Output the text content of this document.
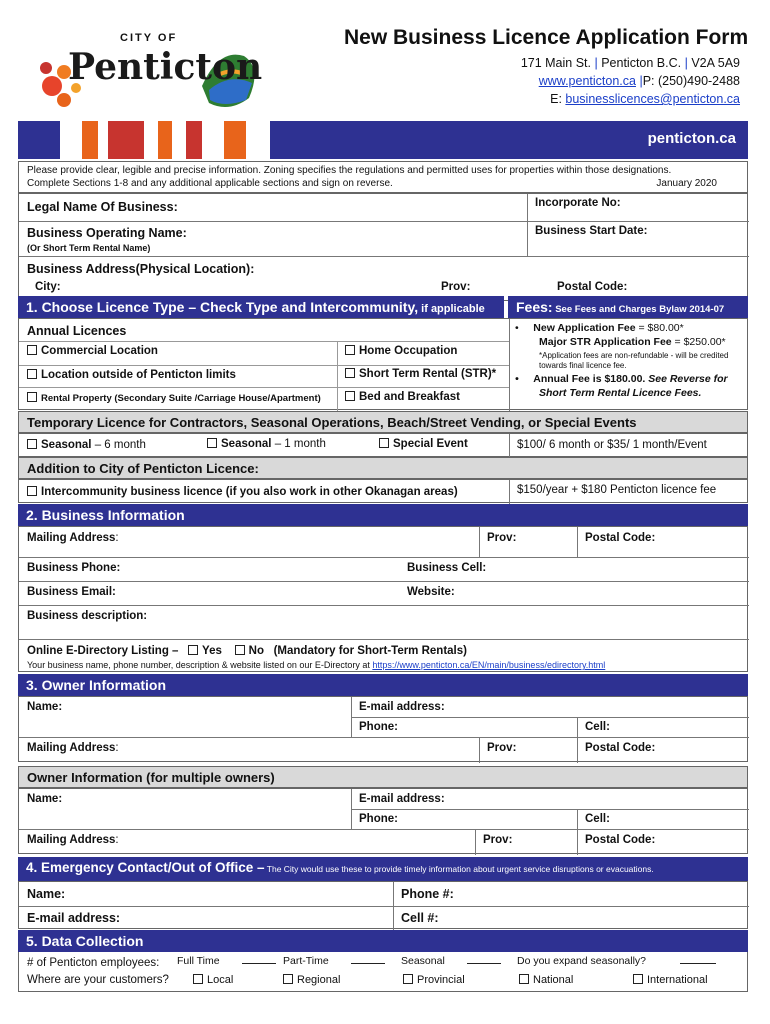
CITY OF
Penticton
New Business Licence Application Form
171 Main St. | Penticton B.C. | V2A 5A9
www.penticton.ca |P: (250)490-2488
E: businesslicences@penticton.ca
penticton.ca
Please provide clear, legible and precise information. Zoning specifies the regulations and permitted uses for properties within those designations.
Complete Sections 1-8 and any additional applicable sections and sign on reverse.	January 2020
Legal Name Of Business:	Incorporate No:
Business Operating Name:
(Or Short Term Rental Name)
Business Start Date:
Business Address(Physical Location):
City:	Prov:	Postal Code:
1. Choose Licence Type – Check Type and Intercommunity, if applicable	Fees: See Fees and Charges Bylaw 2014-07
Annual Licences
Commercial Location	Home Occupation
Location outside of Penticton limits	Short Term Rental (STR)*
Rental Property (Secondary Suite /Carriage House/Apartment)	Bed and Breakfast
•     New Application Fee = $80.00*
Major STR Application Fee = $250.00*
*Application fees are non-refundable - will be credited
towards final licence fee.
•     Annual Fee is $180.00. See Reverse for
Short Term Rental Licence Fees.
Temporary Licence for Contractors, Seasonal Operations, Beach/Street Vending, or Special Events
Seasonal – 6 month	Seasonal – 1 month	Special Event	$100/ 6 month or $35/ 1 month/Event
Addition to City of Penticton Licence:
Intercommunity business licence (if you also work in other Okanagan areas)	$150/year + $180 Penticton licence fee
2. Business Information
Mailing Address:	Prov:	Postal Code:
Business Phone:	Business Cell:
Business Email:	Website:
Business description:
Online E-Directory Listing – Yes No (Mandatory for Short-Term Rentals)
Your business name, phone number, description & website listed on our E-Directory at https://www.penticton.ca/EN/main/business/edirectory.html
3. Owner Information
Name:	E-mail address:
Phone:	Cell:
Mailing Address:	Prov:	Postal Code:
Owner Information (for multiple owners)
Name:	E-mail address:
Phone:	Cell:
Mailing Address:	Prov:	Postal Code:
4. Emergency Contact/Out of Office – The City would use these to provide timely information about urgent service disruptions or evacuations.
Name:	Phone #:
E-mail address:	Cell #:
5. Data Collection
# of Penticton employees: Full Time	Part-Time	Seasonal	Do you expand seasonally?
Where are your customers?	Local	Regional	Provincial	National	International
